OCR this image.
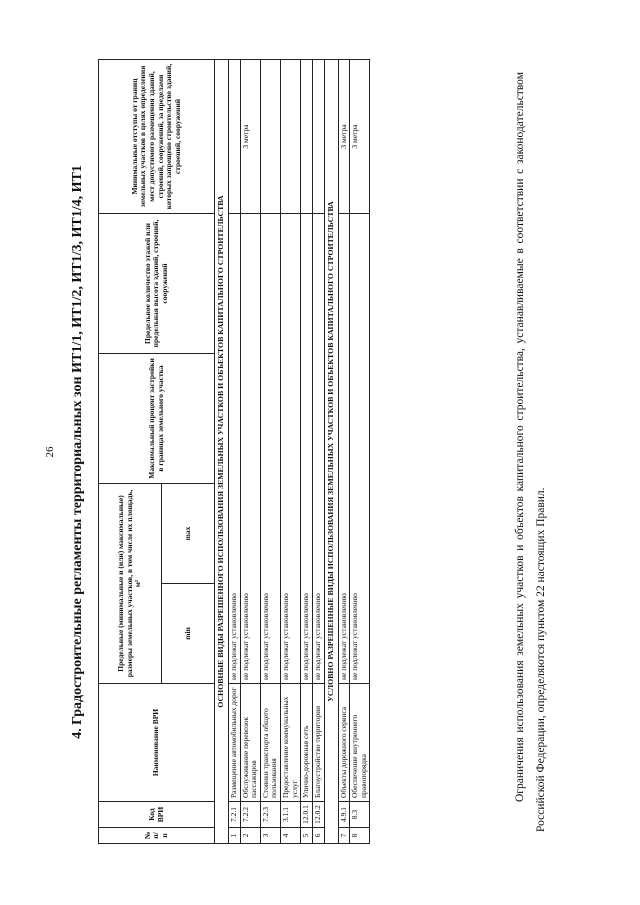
26 4. Градостроительные регламенты территориальных зон ИТ1/1, ИТ1/2, ИТ1/3, ИТ1/4, ИТ1
№ п/п	Код ВРИ	Наименование ВРИ	Предельные (минимальные и (или) максимальные) размеры земельных участков, в том числе их площадь, м²		Максимальный процент застройки в границах земельного участка	Предельное количество этажей или предельная высота зданий, строений, сооружений	Минимальные отступы от границ земельных участков в целях определения мест допустимого размещения зданий, строений, сооружений, за пределами которых запрещено строительство зданий, строений, сооружений
			min	max			
ОСНОВНЫЕ ВИДЫ РАЗРЕШЕННОГО ИСПОЛЬЗОВАНИЯ ЗЕМЕЛЬНЫХ УЧАСТКОВ И ОБЪЕКТОВ КАПИТАЛЬНОГО СТРОИТЕЛЬСТВА							
1	7.2.1	Размещение автомобильных дорог	не подлежат установлению				
2	7.2.2	Обслуживание перевозок пассажиров	не подлежат установлению				3 метра
3	7.2.3	Стоянки транспорта общего пользования	не подлежат установлению				
4	3.1.1	Предоставление коммунальных услуг	не подлежат установлению				
5	12.0.1	Улично-дорожная сеть	не подлежат установлению				
6	12.0.2	Благоустройство территории	не подлежат установлению				
УСЛОВНО РАЗРЕШЕННЫЕ ВИДЫ ИСПОЛЬЗОВАНИЯ ЗЕМЕЛЬНЫХ УЧАСТКОВ И ОБЪЕКТОВ КАПИТАЛЬНОГО СТРОИТЕЛЬСТВА							
7	4.9.1	Объекты дорожного сервиса	не подлежат установлению				3 метра
8	8.3	Обеспечение внутреннего правопорядка	не подлежат установлению				3 метра	Ограничения использования земельных участков и объектов капитального строительства, устанавливаемые в соответствии с законодательством Российской Федерации, определяются пунктом 22 настоящих Правил.
